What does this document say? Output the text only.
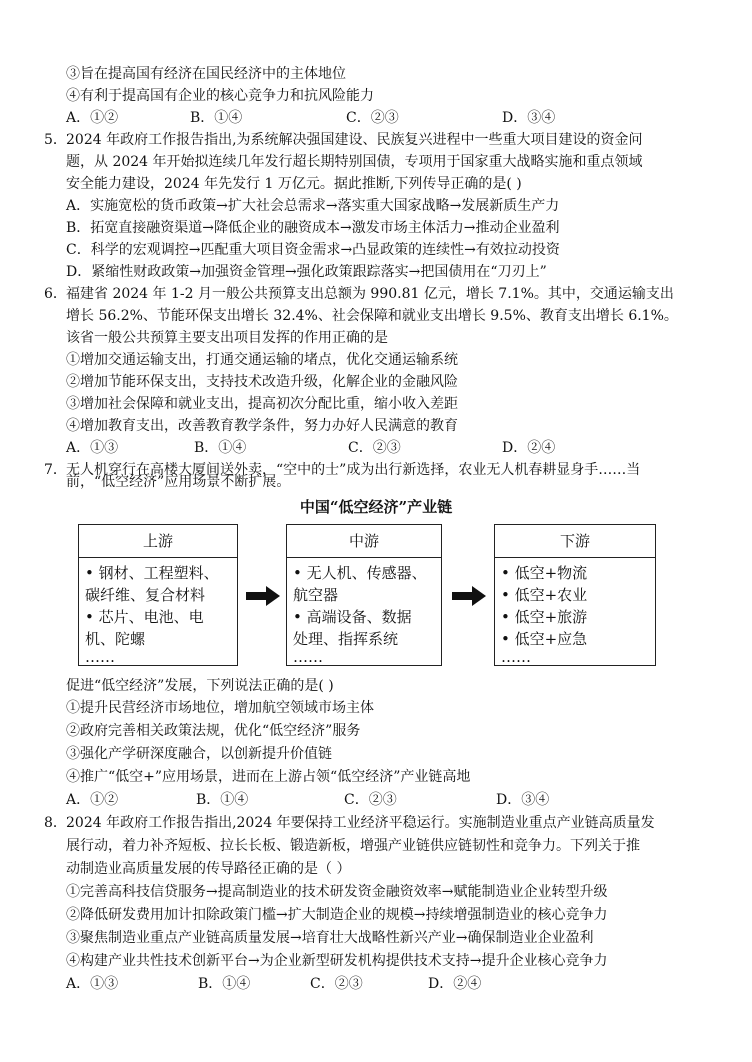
③旨在提高国有经济在国民经济中的主体地位
④有利于提高国有企业的核心竞争力和抗风险能力
A．①②	B．①④	C．②③	D．③④
5．2024 年政府工作报告指出,为系统解决强国建设、民族复兴进程中一些重大项目建设的资金问
题，从 2024 年开始拟连续几年发行超长期特别国债，专项用于国家重大战略实施和重点领域
安全能力建设，2024 年先发行 1 万亿元。据此推断,下列传导正确的是( )
A．实施宽松的货币政策→扩大社会总需求→落实重大国家战略→发展新质生产力
B．拓宽直接融资渠道→降低企业的融资成本→激发市场主体活力→推动企业盈利
C．科学的宏观调控→匹配重大项目资金需求→凸显政策的连续性→有效拉动投资
D．紧缩性财政政策→加强资金管理→强化政策跟踪落实→把国债用在“刀刃上”
6．福建省 2024 年 1-2 月一般公共预算支出总额为 990.81 亿元，增长 7.1%。其中，交通运输支出
增长 56.2%、节能环保支出增长 32.4%、社会保障和就业支出增长 9.5%、教育支出增长 6.1%。
该省一般公共预算主要支出项目发挥的作用正确的是
①增加交通运输支出，打通交通运输的堵点，优化交通运输系统
②增加节能环保支出，支持技术改造升级，化解企业的金融风险
③增加社会保障和就业支出，提高初次分配比重，缩小收入差距
④增加教育支出，改善教育教学条件，努力办好人民满意的教育
A．①③	B．①④	C．②③	D．②④
7．无人机穿行在高楼大厦间送外卖，“空中的士”成为出行新选择，农业无人机春耕显身手……当
前，“低空经济”应用场景不断扩展。
中国“低空经济”产业链
上游
• 钢材、工程塑料、
碳纤维、复合材料
• 芯片、电池、电
机、陀螺
……
中游
• 无人机、传感器、
航空器
• 高端设备、数据
处理、指挥系统
……
下游
• 低空+物流
• 低空+农业
• 低空+旅游
• 低空+应急
……
促进“低空经济”发展，下列说法正确的是( )
①提升民营经济市场地位，增加航空领域市场主体
②政府完善相关政策法规，优化“低空经济”服务
③强化产学研深度融合，以创新提升价值链
④推广“低空+”应用场景，进而在上游占领“低空经济”产业链高地
A．①②	B．①④	C．②③	D．③④
8．2024 年政府工作报告指出,2024 年要保持工业经济平稳运行。实施制造业重点产业链高质量发
展行动，着力补齐短板、拉长长板、锻造新板，增强产业链供应链韧性和竞争力。下列关于推
动制造业高质量发展的传导路径正确的是（ ）
①完善高科技信贷服务→提高制造业的技术研发资金融资效率→赋能制造业企业转型升级
②降低研发费用加计扣除政策门槛→扩大制造企业的规模→持续增强制造业的核心竞争力
③聚焦制造业重点产业链高质量发展→培育壮大战略性新兴产业→确保制造业企业盈利
④构建产业共性技术创新平台→为企业新型研发机构提供技术支持→提升企业核心竞争力
A．①③	B．①④	C．②③	D．②④
